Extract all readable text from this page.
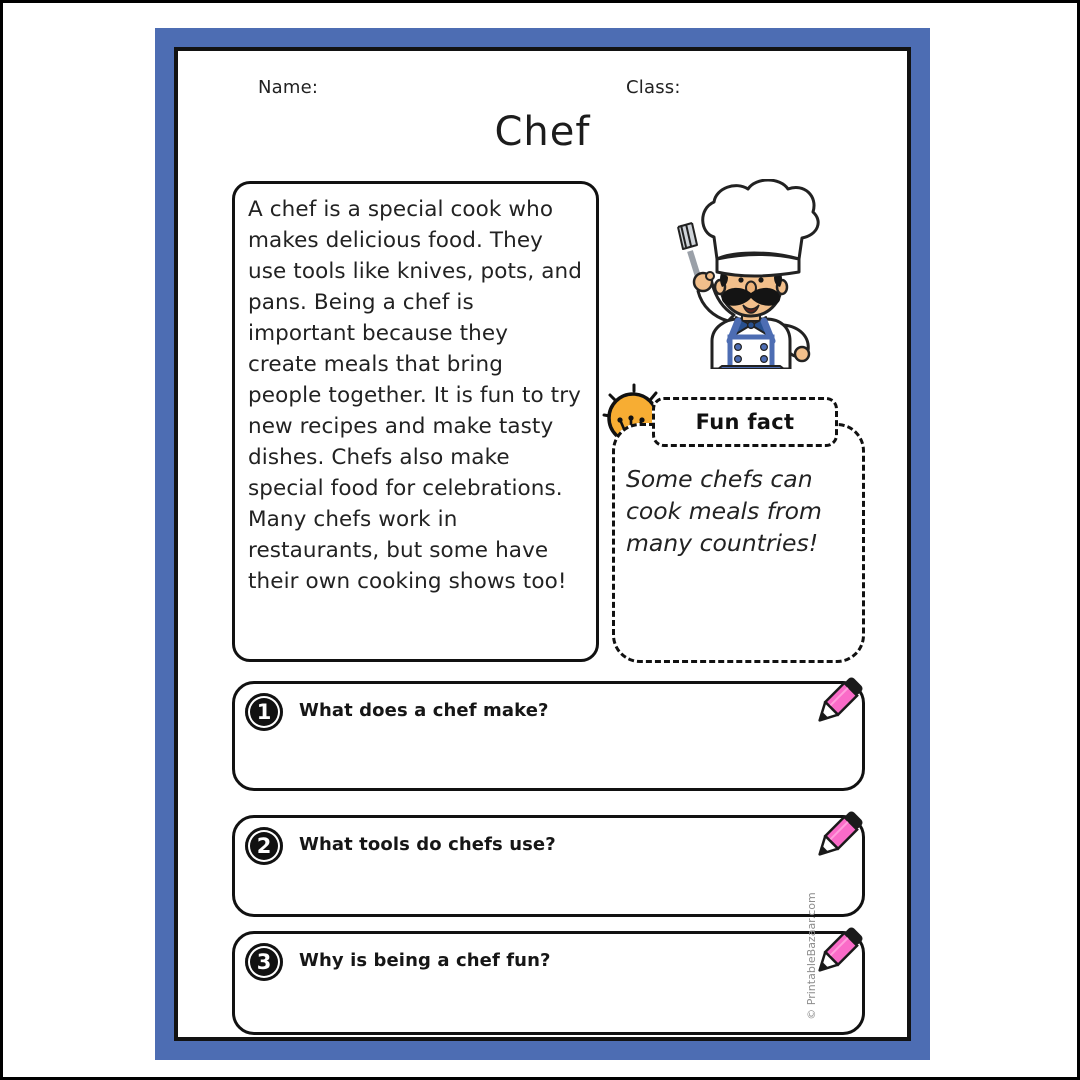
Name:	Class:
Chef
A chef is a special cook who makes delicious food. They use tools like knives, pots, and pans. Being a chef is important because they create meals that bring people together. It is fun to try new recipes and make tasty dishes. Chefs also make special food for celebrations. Many chefs work in restaurants, but some have their own cooking shows too!
Fun fact
Some chefs can cook meals from many countries!
1	What does a chef make?
2	What tools do chefs use?
3	Why is being a chef fun?	© PrintableBazaar.com
